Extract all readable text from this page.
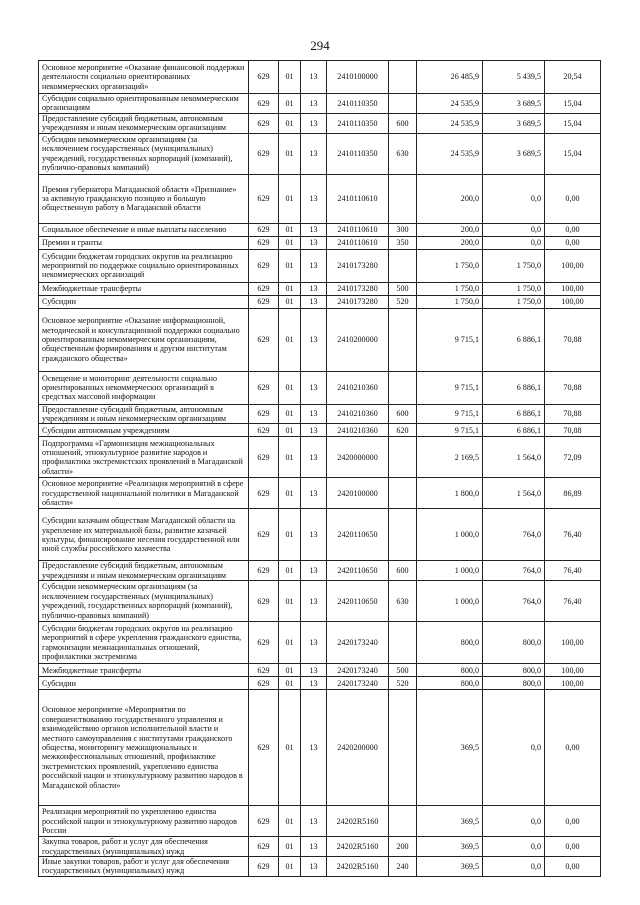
294
Основное мероприятие «Оказание финансовой поддержки деятельности социально ориентированных некоммерческих организаций»	629	01	13	2410100000		26 485,9	5 439,5	20,54
Субсидии социально ориентированным некоммерческим организациям	629	01	13	2410110350		24 535,9	3 689,5	15,04
Предоставление субсидий бюджетным, автономным учреждениям и иным некоммерческим организациям	629	01	13	2410110350	600	24 535,9	3 689,5	15,04
Субсидии некоммерческим организациям (за исключением государственных (муниципальных) учреждений, государственных корпораций (компаний), публично-правовых компаний)	629	01	13	2410110350	630	24 535,9	3 689,5	15,04
Премия губернатора Магаданской области «Признание» за активную гражданскую позицию и большую общественную работу в Магаданской области	629	01	13	2410110610		200,0	0,0	0,00
Социальное обеспечение и иные выплаты населению	629	01	13	2410110610	300	200,0	0,0	0,00
Премии и гранты	629	01	13	2410110610	350	200,0	0,0	0,00
Субсидии бюджетам городских округов на реализацию мероприятий по поддержке социально ориентированных некоммерческих организаций	629	01	13	2410173280		1 750,0	1 750,0	100,00
Межбюджетные трансферты	629	01	13	2410173280	500	1 750,0	1 750,0	100,00
Субсидии	629	01	13	2410173280	520	1 750,0	1 750,0	100,00
Основное мероприятие «Оказание информационной, методической и консультационной поддержки социально ориентированным некоммерческим организациям, общественным формированиям и другим институтам гражданского общества»	629	01	13	2410200000		9 715,1	6 886,1	70,88
Освещение и мониторинг деятельности социально ориентированных некоммерческих организаций в средствах массовой информации	629	01	13	2410210360		9 715,1	6 886,1	70,88
Предоставление субсидий бюджетным, автономным учреждениям и иным некоммерческим организациям	629	01	13	2410210360	600	9 715,1	6 886,1	70,88
Субсидии автономным учреждениям	629	01	13	2410210360	620	9 715,1	6 886,1	70,88
Подпрограмма «Гармонизация межнациональных отношений, этнокультурное развитие народов и профилактика экстремистских проявлений в Магаданской области»	629	01	13	2420000000		2 169,5	1 564,0	72,09
Основное мероприятие «Реализация мероприятий в сфере государственной национальной политики в Магаданской области»	629	01	13	2420100000		1 800,0	1 564,0	86,89
Субсидии казачьим обществам Магаданской области на укрепление их материальной базы, развитие казачьей культуры, финансирование несения государственной или иной службы российского казачества	629	01	13	2420110650		1 000,0	764,0	76,40
Предоставление субсидий бюджетным, автономным учреждениям и иным некоммерческим организациям	629	01	13	2420110650	600	1 000,0	764,0	76,40
Субсидии некоммерческим организациям (за исключением государственных (муниципальных) учреждений, государственных корпораций (компаний), публично-правовых компаний)	629	01	13	2420110650	630	1 000,0	764,0	76,40
Субсидии бюджетам городских округов на реализацию мероприятий в сфере укрепления гражданского единства, гармонизации межнациональных отношений, профилактики экстремизма	629	01	13	2420173240		800,0	800,0	100,00
Межбюджетные трансферты	629	01	13	2420173240	500	800,0	800,0	100,00
Субсидии	629	01	13	2420173240	520	800,0	800,0	100,00
Основное мероприятие «Мероприятия по совершенствованию государственного управления и взаимодействию органов исполнительной власти и местного самоуправления с институтами гражданского общества, мониторингу межнациональных и межконфессиональных отношений, профилактике экстремистских проявлений, укреплению единства российской нации и этнокультурному развитию народов в Магаданской области»	629	01	13	2420200000		369,5	0,0	0,00
Реализация мероприятий по укреплению единства российской нации и этнокультурному развитию народов России	629	01	13	24202R5160		369,5	0,0	0,00
Закупка товаров, работ и услуг для обеспечения государственных (муниципальных) нужд	629	01	13	24202R5160	200	369,5	0,0	0,00
Иные закупки товаров, работ и услуг для обеспечения государственных (муниципальных) нужд	629	01	13	24202R5160	240	369,5	0,0	0,00
